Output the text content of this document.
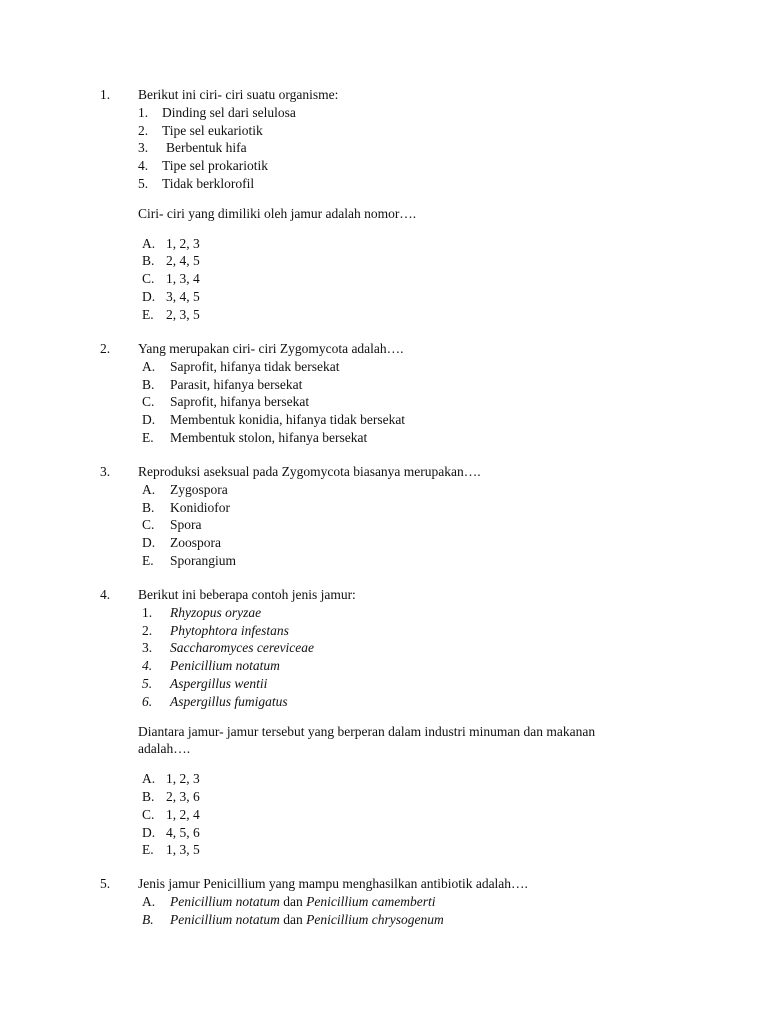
1. Berikut ini ciri- ciri suatu organisme:
1.	Dinding sel dari selulosa
2.	Tipe sel eukariotik
3.	Berbentuk hifa
4.	Tipe sel prokariotik
5.	Tidak berklorofil
Ciri- ciri yang dimiliki oleh jamur adalah nomor….
A. 1, 2, 3
B. 2, 4, 5
C. 1, 3, 4
D. 3, 4, 5
E. 2, 3, 5
2. Yang merupakan ciri- ciri Zygomycota adalah….
A.	Saprofit, hifanya tidak bersekat
B.	Parasit, hifanya bersekat
C.	Saprofit, hifanya bersekat
D.	Membentuk konidia, hifanya tidak bersekat
E.	Membentuk stolon, hifanya bersekat
3. Reproduksi aseksual pada Zygomycota biasanya merupakan….
A.	Zygospora
B.	Konidiofor
C.	Spora
D.	Zoospora
E.	Sporangium
4. Berikut ini beberapa contoh jenis jamur:
1.	Rhyzopus oryzae
2.	Phytophtora infestans
3.	Saccharomyces cereviceae
4.	Penicillium notatum
5.	Aspergillus wentii
6.	Aspergillus fumigatus
Diantara jamur- jamur tersebut yang berperan dalam industri minuman dan makanan adalah….
A. 1, 2, 3
B. 2, 3, 6
C. 1, 2, 4
D. 4, 5, 6
E. 1, 3, 5
5. Jenis jamur Penicillium yang mampu menghasilkan antibiotik adalah….
A.	Penicillium notatum dan Penicillium camemberti
B.	Penicillium notatum dan Penicillium chrysogenum
